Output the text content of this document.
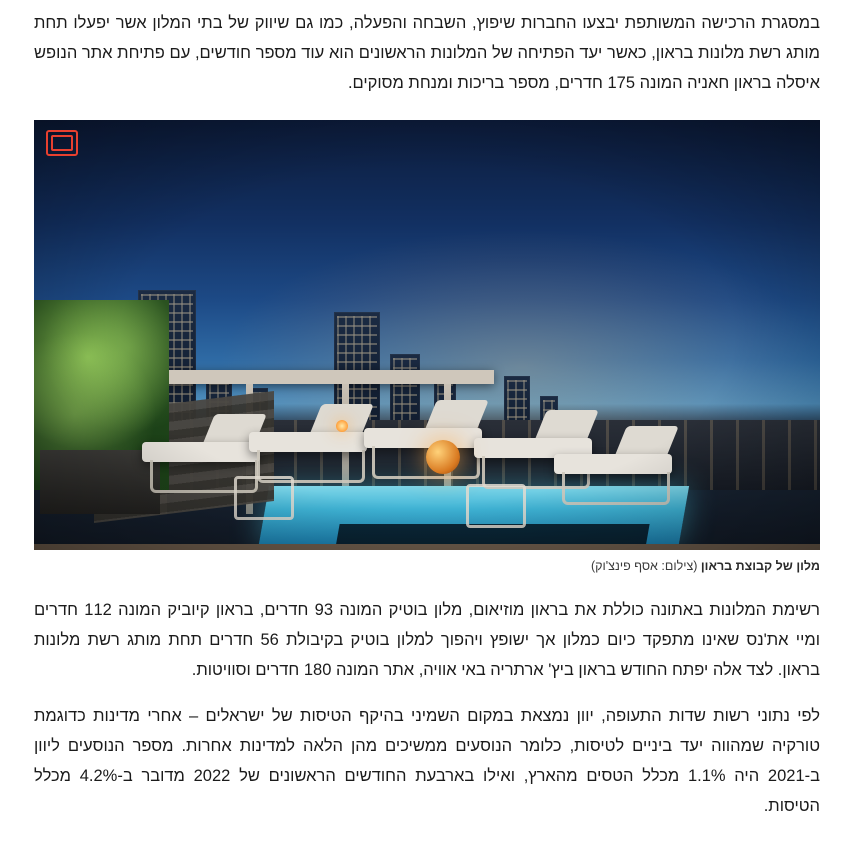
במסגרת הרכישה המשותפת יבצעו החברות שיפוץ, השבחה והפעלה, כמו גם שיווק של בתי המלון אשר יפעלו תחת מותג רשת מלונות בראון, כאשר יעד הפתיחה של המלונות הראשונים הוא עוד מספר חודשים, עם פתיחת אתר הנופש איסלה בראון חאניה המונה 175 חדרים, מספר בריכות ומנחת מסוקים.

מלון של קבוצת בראון (צילום: אסף פינצ'וק)

רשימת המלונות באתונה כוללת את בראון מוזיאום, מלון בוטיק המונה 93 חדרים, בראון קיוביק המונה 112 חדרים ומיי את'נס שאינו מתפקד כיום כמלון אך ישופץ ויהפוך למלון בוטיק בקיבולת 56 חדרים תחת מותג רשת מלונות בראון. לצד אלה יפתח החודש בראון ביץ' ארתריה באי אוויה, אתר המונה 180 חדרים וסוויטות.

לפי נתוני רשות שדות התעופה, יוון נמצאת במקום השמיני בהיקף הטיסות של ישראלים – אחרי מדינות כדוגמת טורקיה שמהווה יעד ביניים לטיסות, כלומר הנוסעים ממשיכים מהן הלאה למדינות אחרות. מספר הנוסעים ליוון ב-2021 היה 1.1% מכלל הטסים מהארץ, ואילו בארבעת החודשים הראשונים של 2022 מדובר ב-4.2% מכלל הטיסות.
